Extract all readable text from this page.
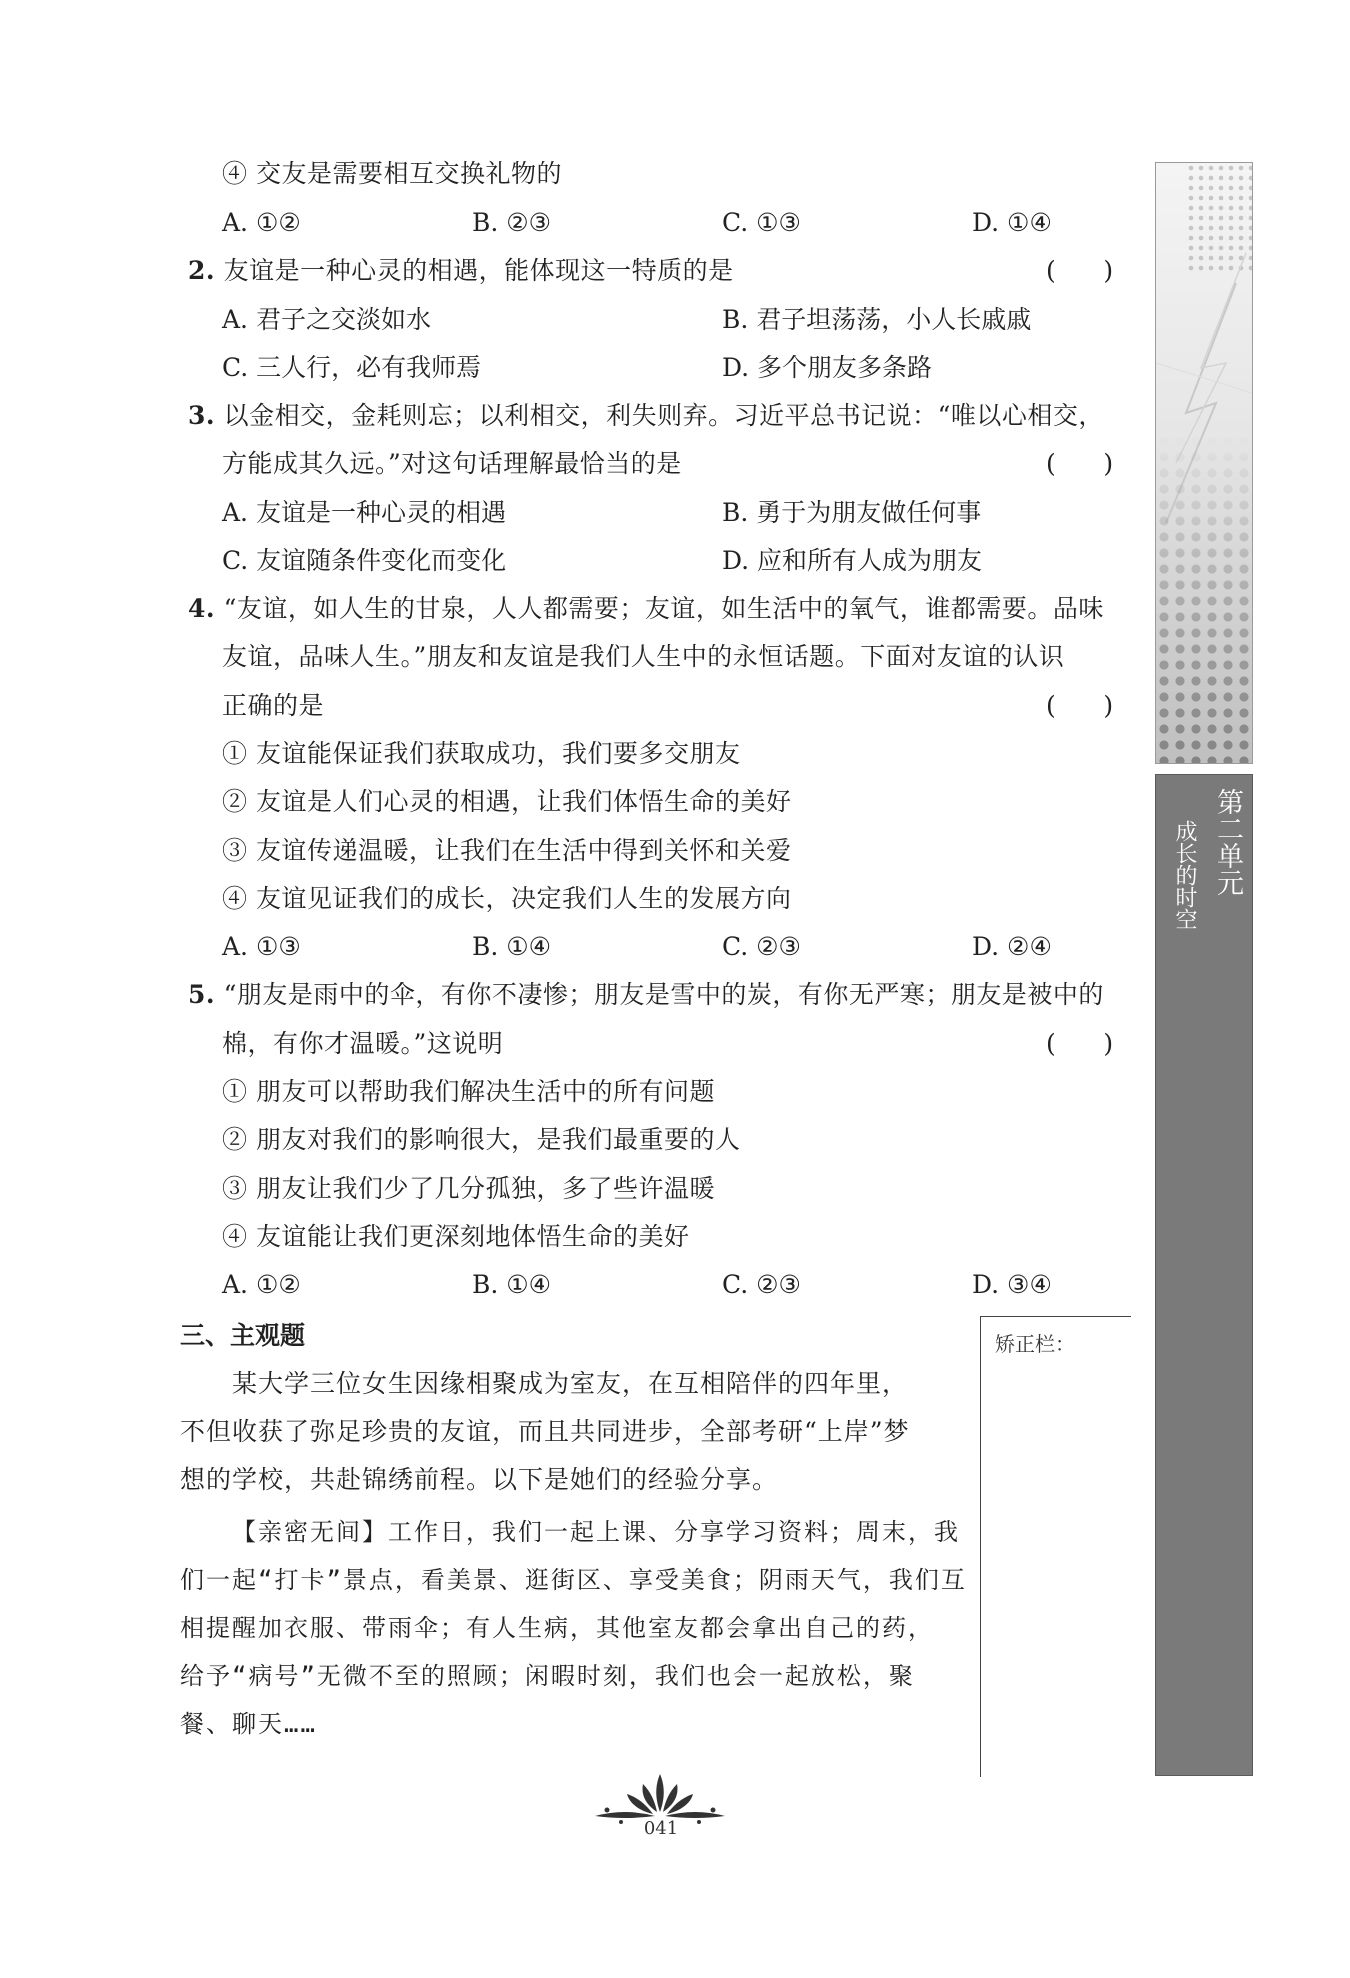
④ 交友是需要相互交换礼物的
A. ①②	B. ②③	C. ①③	D. ①④
2. 友谊是一种心灵的相遇，能体现这一特质的是	(      )
A. 君子之交淡如水	B. 君子坦荡荡，小人长戚戚
C. 三人行，必有我师焉	D. 多个朋友多条路
3. 以金相交，金耗则忘；以利相交，利失则弃。习近平总书记说：“唯以心相交，
方能成其久远。”对这句话理解最恰当的是	(      )
A. 友谊是一种心灵的相遇	B. 勇于为朋友做任何事
C. 友谊随条件变化而变化	D. 应和所有人成为朋友
4. “友谊，如人生的甘泉，人人都需要；友谊，如生活中的氧气，谁都需要。品味
友谊，品味人生。”朋友和友谊是我们人生中的永恒话题。下面对友谊的认识
正确的是	(      )
① 友谊能保证我们获取成功，我们要多交朋友
② 友谊是人们心灵的相遇，让我们体悟生命的美好
③ 友谊传递温暖，让我们在生活中得到关怀和关爱
④ 友谊见证我们的成长，决定我们人生的发展方向
A. ①③	B. ①④	C. ②③	D. ②④
5. “朋友是雨中的伞，有你不凄惨；朋友是雪中的炭，有你无严寒；朋友是被中的
棉，有你才温暖。”这说明	(      )
① 朋友可以帮助我们解决生活中的所有问题
② 朋友对我们的影响很大，是我们最重要的人
③ 朋友让我们少了几分孤独，多了些许温暖
④ 友谊能让我们更深刻地体悟生命的美好
A. ①②	B. ①④	C. ②③	D. ③④
三、主观题
某大学三位女生因缘相聚成为室友，在互相陪伴的四年里，
不但收获了弥足珍贵的友谊，而且共同进步，全部考研“上岸”梦
想的学校，共赴锦绣前程。以下是她们的经验分享。
【亲密无间】工作日，我们一起上课、分享学习资料；周末，我
们一起“打卡”景点，看美景、逛街区、享受美食；阴雨天气，我们互
相提醒加衣服、带雨伞；有人生病，其他室友都会拿出自己的药，
给予“病号”无微不至的照顾；闲暇时刻，我们也会一起放松，聚
餐、聊天……
矫正栏：
第二单元
成长的时空
041
